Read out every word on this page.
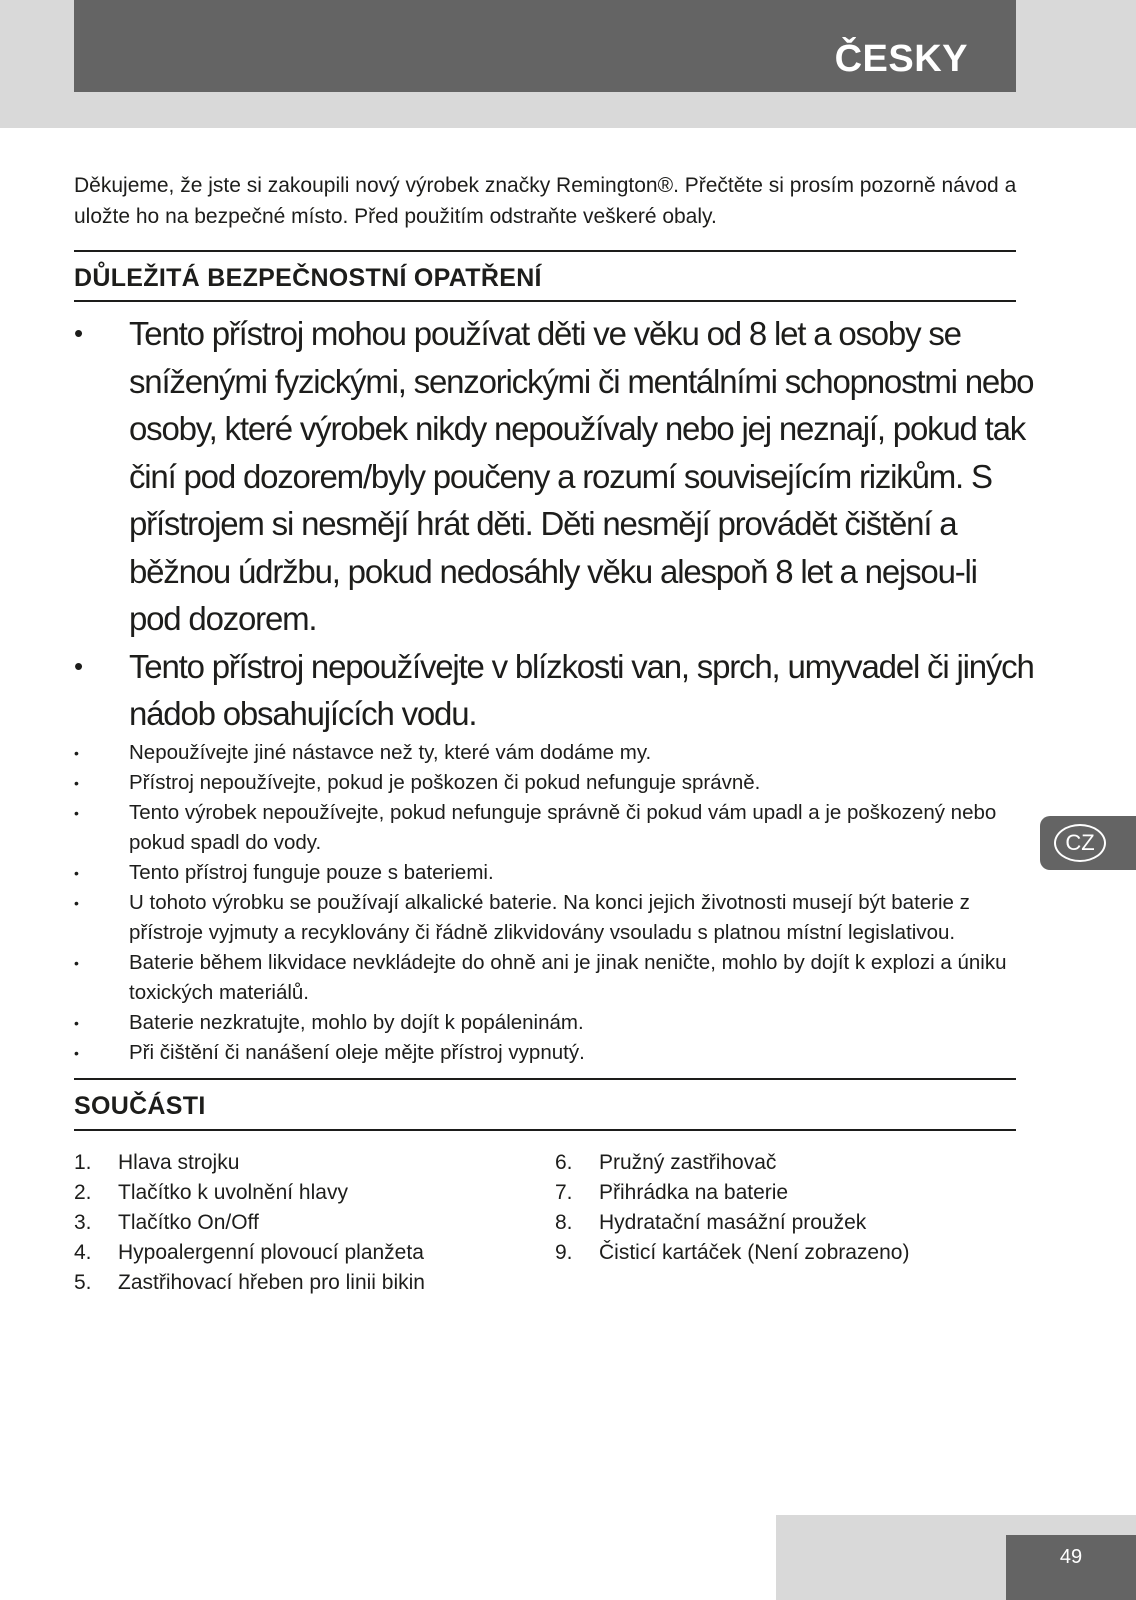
ČESKY
Děkujeme, že jste si zakoupili nový výrobek značky Remington®. Přečtěte si prosím pozorně návod a uložte ho na bezpečné místo. Před použitím odstraňte veškeré obaly.
DŮLEŽITÁ BEZPEČNOSTNÍ OPATŘENÍ
•	Tento přístroj mohou používat děti ve věku od 8 let a osoby se sníženými fyzickými, senzorickými či mentálními schopnostmi nebo osoby, které výrobek nikdy nepoužívaly nebo jej neznají, pokud tak činí pod dozorem/byly poučeny a rozumí souvisejícím rizikům. S přístrojem si nesmějí hrát děti. Děti nesmějí provádět čištění a běžnou údržbu, pokud nedosáhly věku alespoň 8 let a nejsou-li pod dozorem.
•	Tento přístroj nepoužívejte v blízkosti van, sprch, umyvadel či jiných nádob obsahujících vodu.
•	Nepoužívejte jiné nástavce než ty, které vám dodáme my.
•	Přístroj nepoužívejte, pokud je poškozen či pokud nefunguje správně.
•	Tento výrobek nepoužívejte, pokud nefunguje správně či pokud vám upadl a je poškozený nebo pokud spadl do vody.
•	Tento přístroj funguje pouze s bateriemi.
•	U tohoto výrobku se používají alkalické baterie. Na konci jejich životnosti musejí být baterie z přístroje vyjmuty a recyklovány či řádně zlikvidovány vsouladu s platnou místní legislativou.
•	Baterie během likvidace nevkládejte do ohně ani je jinak neničte, mohlo by dojít k explozi a úniku toxických materiálů.
•	Baterie nezkratujte, mohlo by dojít k popáleninám.
•	Při čištění či nanášení oleje mějte přístroj vypnutý.
SOUČÁSTI
1. Hlava strojku
2. Tlačítko k uvolnění hlavy
3. Tlačítko On/Off
4. Hypoalergenní plovoucí planžeta
5. Zastřihovací hřeben pro linii bikin
6. Pružný zastřihovač
7. Přihrádka na baterie
8. Hydratační masážní proužek
9. Čisticí kartáček (Není zobrazeno)
CZ
49
